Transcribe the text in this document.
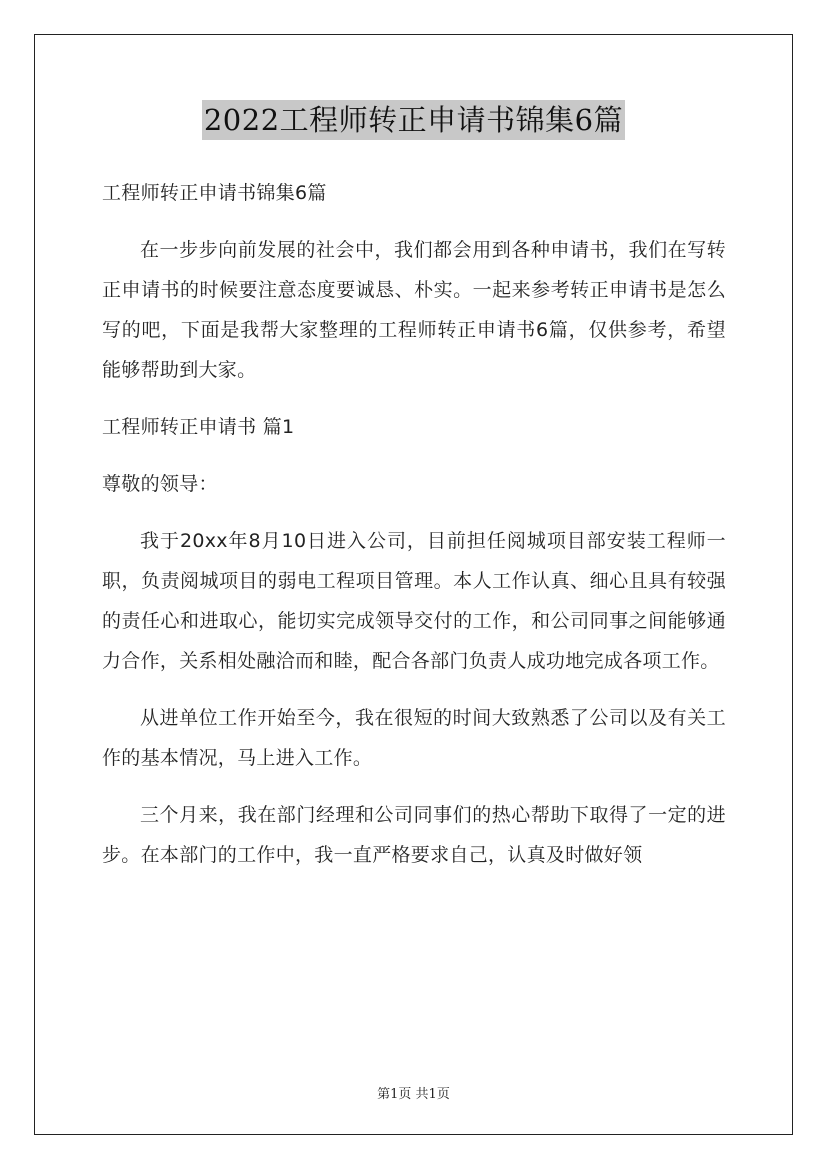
2022工程师转正申请书锦集6篇

工程师转正申请书锦集6篇

在一步步向前发展的社会中，我们都会用到各种申请书，我们在写转正申请书的时候要注意态度要诚恳、朴实。一起来参考转正申请书是怎么写的吧，下面是我帮大家整理的工程师转正申请书6篇，仅供参考，希望能够帮助到大家。

工程师转正申请书 篇1

尊敬的领导：

我于20xx年8月10日进入公司，目前担任阅城项目部安装工程师一职，负责阅城项目的弱电工程项目管理。本人工作认真、细心且具有较强的责任心和进取心，能切实完成领导交付的工作，和公司同事之间能够通力合作，关系相处融洽而和睦，配合各部门负责人成功地完成各项工作。

从进单位工作开始至今，我在很短的时间大致熟悉了公司以及有关工作的基本情况，马上进入工作。

三个月来，我在部门经理和公司同事们的热心帮助下取得了一定的进步。在本部门的工作中，我一直严格要求自己，认真及时做好领

第1页 共1页
